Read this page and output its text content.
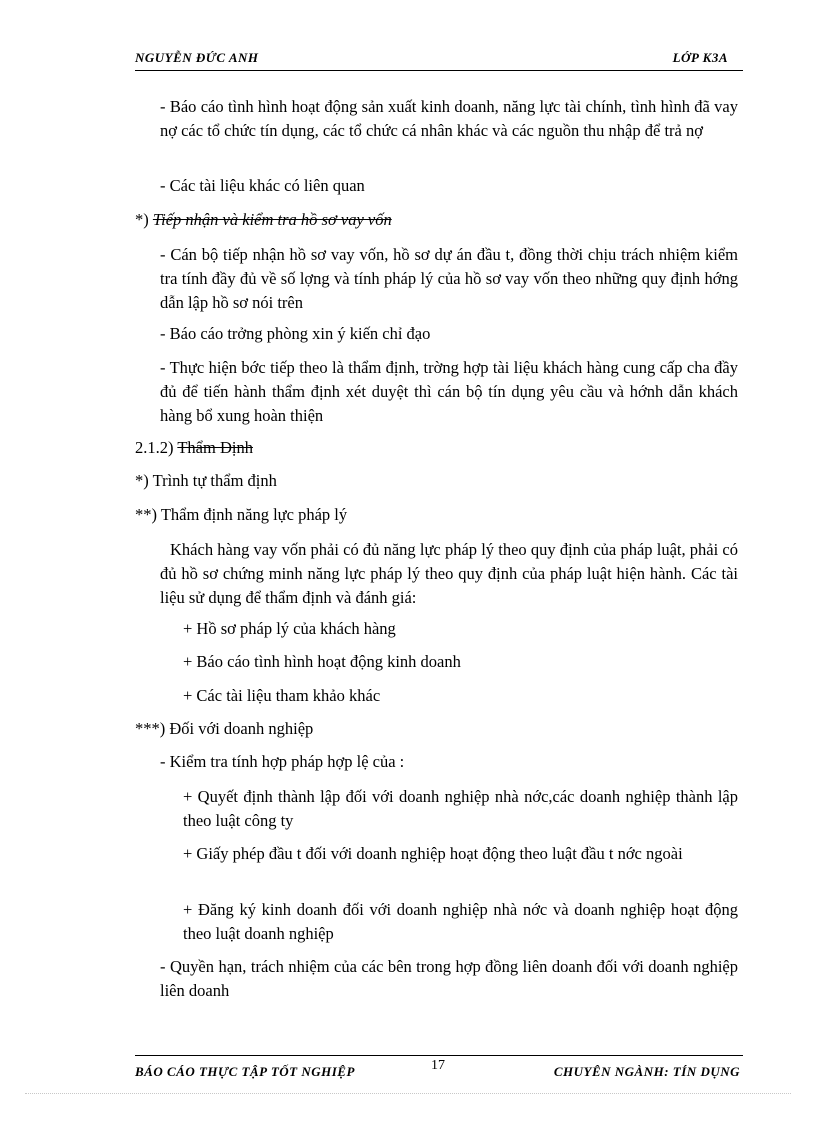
NGUYỄN ĐỨC ANH	LỚP K3A
- Báo cáo tình hình hoạt động sản xuất kinh doanh, năng lực tài chính, tình hình đã vay nợ các tổ chức tín dụng, các tổ chức cá nhân khác và các nguồn thu nhập để trả nợ
- Các tài liệu khác có liên quan
*) Tiếp nhận và kiểm tra hồ sơ vay vốn
- Cán bộ tiếp nhận hồ sơ vay vốn, hồ sơ dự án đầu t, đồng thời chịu trách nhiệm kiểm tra tính đầy đủ về số lợng và tính pháp lý của hồ sơ vay vốn theo những quy định hớng dẫn lập hồ sơ nói trên
- Báo cáo trởng phòng xin ý kiến chỉ đạo
- Thực hiện bớc tiếp theo là thẩm định, trờng hợp tài liệu khách hàng cung cấp cha đầy đủ để tiến hành thẩm định xét duyệt thì cán bộ tín dụng yêu cầu và hớnh dẫn khách hàng bổ xung hoàn thiện
2.1.2) Thẩm Định
*) Trình tự thẩm định
**) Thẩm định năng lực pháp lý
Khách hàng vay vốn phải có đủ năng lực pháp lý theo quy định của pháp luật, phải có đủ hồ sơ chứng minh năng lực pháp lý theo quy định của pháp luật hiện hành. Các tài liệu sử dụng để thẩm định và đánh giá:
+ Hồ sơ pháp lý của khách hàng
+ Báo cáo tình hình hoạt động kinh doanh
+ Các tài liệu tham khảo khác
***) Đối với doanh nghiệp
- Kiểm tra tính hợp pháp hợp lệ của :
+ Quyết định thành lập đối với doanh nghiệp nhà nớc,các doanh nghiệp thành lập theo luật công ty
+ Giấy phép đầu t đối với doanh nghiệp hoạt động theo luật đầu t nớc ngoài
+ Đăng ký kinh doanh đối với doanh nghiệp nhà nớc và doanh nghiệp hoạt động theo luật doanh nghiệp
- Quyền hạn, trách nhiệm của các bên trong hợp đồng liên doanh đối với doanh nghiệp liên doanh
BÁO CÁO THỰC TẬP TỐT NGHIỆP	17	CHUYÊN NGÀNH: TÍN DỤNG
